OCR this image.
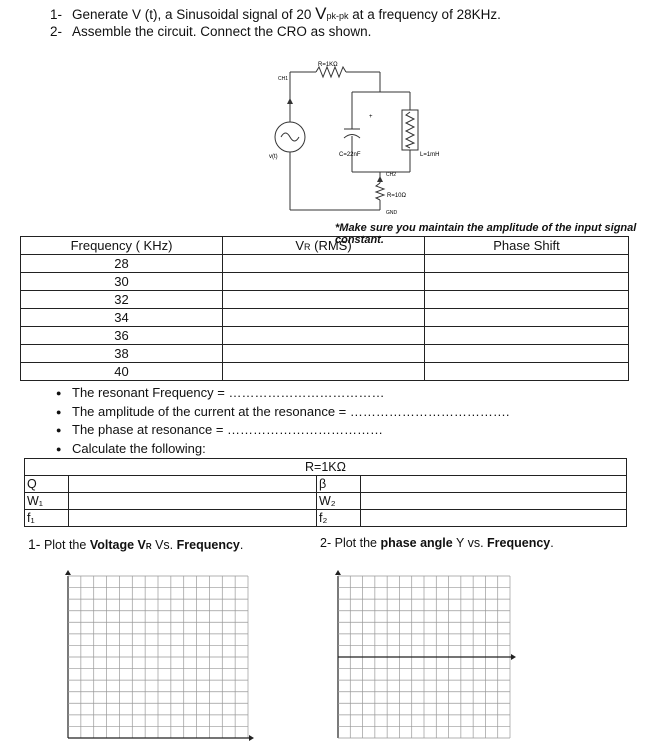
1- Generate V (t), a Sinusoidal signal of 20 Vpk-pk at a frequency of 28KHz.
2- Assemble the circuit. Connect the CRO as shown.
CH1
R=1KΩ
+
v(t)	C=22nF	L=1mH
CH2
R=10Ω
GND
*Make sure you maintain the amplitude of the input signal constant.
Frequency ( KHz)	VR (RMS)	Phase Shift
28		
30		
32		
34		
36		
38		
40		
● The resonant Frequency = ………………………………
● The amplitude of the current at the resonance = ……………………………….
● The phase at resonance = ………………………………
● Calculate the following:
R=1KΩ			
Q		β	
W₁		W₂	
f₁		f₂	
1- Plot the Voltage VR Vs. Frequency.	2- Plot the phase angle Y vs. Frequency.
